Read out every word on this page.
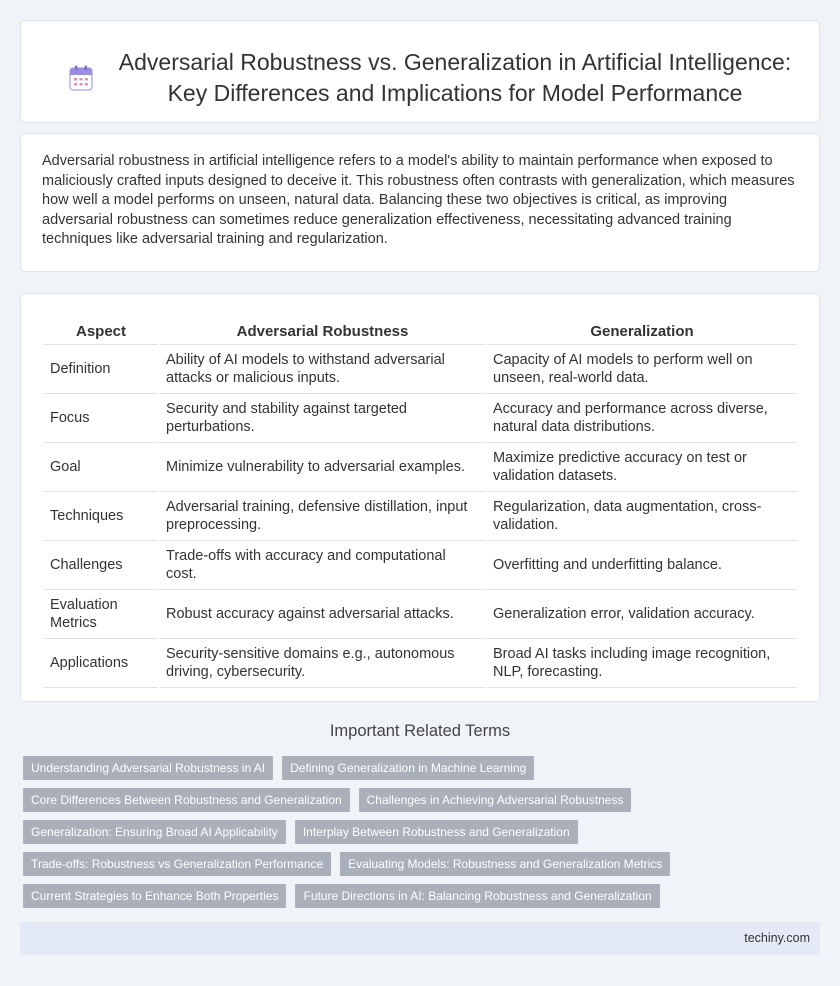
Adversarial Robustness vs. Generalization in Artificial Intelligence: Key Differences and Implications for Model Performance

Adversarial robustness in artificial intelligence refers to a model's ability to maintain performance when exposed to maliciously crafted inputs designed to deceive it. This robustness often contrasts with generalization, which measures how well a model performs on unseen, natural data. Balancing these two objectives is critical, as improving adversarial robustness can sometimes reduce generalization effectiveness, necessitating advanced training techniques like adversarial training and regularization.

Aspect	Adversarial Robustness	Generalization
Definition	Ability of AI models to withstand adversarial attacks or malicious inputs.	Capacity of AI models to perform well on unseen, real-world data.
Focus	Security and stability against targeted perturbations.	Accuracy and performance across diverse, natural data distributions.
Goal	Minimize vulnerability to adversarial examples.	Maximize predictive accuracy on test or validation datasets.
Techniques	Adversarial training, defensive distillation, input preprocessing.	Regularization, data augmentation, cross-validation.
Challenges	Trade-offs with accuracy and computational cost.	Overfitting and underfitting balance.
Evaluation Metrics	Robust accuracy against adversarial attacks.	Generalization error, validation accuracy.
Applications	Security-sensitive domains e.g., autonomous driving, cybersecurity.	Broad AI tasks including image recognition, NLP, forecasting.
Important Related Terms
Understanding Adversarial Robustness in AI	Defining Generalization in Machine Learning
Core Differences Between Robustness and Generalization	Challenges in Achieving Adversarial Robustness
Generalization: Ensuring Broad AI Applicability	Interplay Between Robustness and Generalization
Trade-offs: Robustness vs Generalization Performance	Evaluating Models: Robustness and Generalization Metrics
Current Strategies to Enhance Both Properties	Future Directions in AI: Balancing Robustness and Generalization
techiny.com
